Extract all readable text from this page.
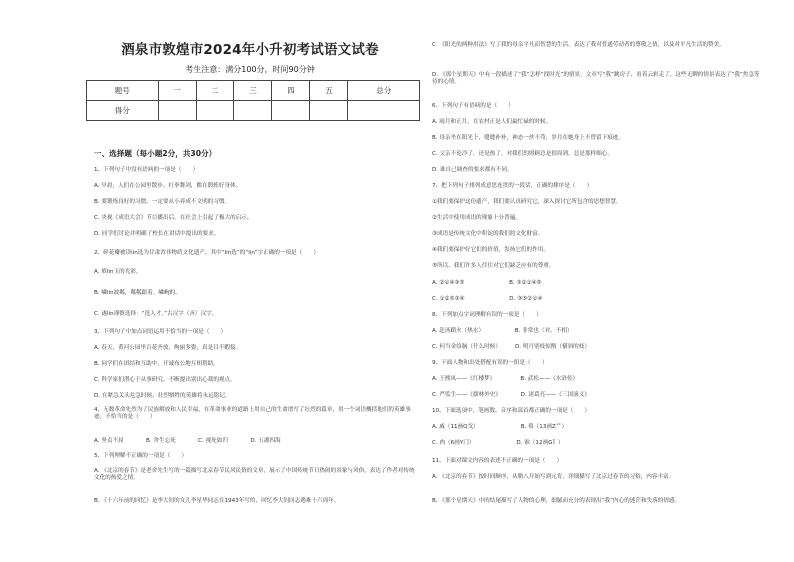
酒泉市敦煌市2024年小升初考试语文试卷
考生注意：满分100分，时间90分钟
题号	一	二	三	四	五	总分
得分						
一、选择题（每小题2分，共30分）
1、下列句子中没有语病的一项是（　　）
A. 早晨，人们在公园里散步、打拳舞剑，都在锻炼好身体。
B. 要锻炼良好的习惯，一定要从小养成不文明的习惯。
C. 央视《成语大会》节目播出后，在社会上引起了极大的启示。
D. 同学们讨论并明确了校长在讲话中提出的要求。
2、碎花瓣被读lin选为甘肃省非物质文化遗产，其中“lin选”的“lin”字正确的一项是（　　）
A. 填lin玉的光彩。
B. 嶙lin波粼，粼粼跟着。嶙峋的。
C. 遂lin谨慎选择：“选人才。”古汉字（吝）汉字。
3、下列句子中加点词语运用不恰当的一项是（　　）
A. 春天，黄河公园里百花齐放，绚丽多姿，真是目不暇接。
B. 同学们在团结和互助中，开诚布公地互相帮助。
C. 科学家们潜心于从事研究，不断提出别出心裁的观点。
D. 在紧急关头危急时候，壮烈牺牲的英雄将永远铭记。
4、无数革命先烈为了民族解放和人民幸福，在革命事业的道路上用自己的生命谱写了壮烈的篇章，用一个词语概括他们的英雄事迹，不恰当的是（　　）
A. 坚贞不屈　　　　B. 舍生忘死　　　　C. 视死如归　　　　D. 五湖四海
5、下列理解不正确的一项是（　　）
A. 《北京的春节》是老舍先生写的一篇描写北京春节民风民俗的文章，展示了中国传统节日热闹的景象与风俗，表达了作者对传统文化的热爱之情。
B. 《十六年前的回忆》是李大钊的女儿李星华同志在1943年写的，回忆李大钊同志遇难十六周年。
C. 《阳光的两种用法》写了我的母亲平凡而智慧的生活，表达了我对普通劳动者的尊敬之情，以及对平凡生活的赞美。
D. 《那个星期天》中有一段描述了“我”怎样“找时光”的情景，文章写“我”跳房子、看着云彩走了，这些无聊的情景表达了“我”焦急等待的心情。
6、下列句子有语病的是（　　）
A. 雨月和正月，在农村正是人们最忙碌的时候。
B. 母亲坐在阳光下，缝缝补补，神态一丝不苟，岁月在她身上不曾留下痕迹。
C. 父亲不论冷了，还是热了，对我们的照顾总是很周到，总是那样细心。
D. 谁自己调查的要求都有不同。
7、把下列句子排列成意思连贯的一段话，正确的排序是（　　）
①我们要保护这份遗产，我们要认真研究它，深入探讨它所包含的思想智慧。
②生活中使用成语的现象十分普遍。
③成语是传统文化中积淀的我们的文化财富。
④我们要保护好它们的价值，发扬它们的作用。
⑤所以，我们许多人往往对它们缺乏应有的尊重。
A. ②①④③⑤　　　　　　　　B. ③②①④⑤
C. ①②⑤③④　　　　　　　　D. ③⑤②①④
8、下列加点字词理解有误的一项是（　　）
A. 赴汤蹈火（热水）　　　　　　B. 非常也（对、不相）
C. 何当金络脑（什么时候）　　　D. 明月别枝惊鹊（横斜的枝）
9、下面人物和出处搭配有误的一组是（　　）
A. 王熙凤——《红楼梦》　　　　　B. 武松——《水浒传》
C. 严监生——《儒林外史》　　　　D. 诸葛亮——《三国演义》
10、下面选项中，笔画数、音序和部首都正确的一项是（　　）
A. 戚（11画Q戈）　　　　　　　　B. 蔡（13画Z艹）
C. 肉（6画Y冂）　　　　　　　　D. 锥（12画G钅）
11、下面对课文内容的表述不正确的一项是（　　）
A. 《北京的春节》按时间顺序，从腊八开始写到元宵，详细描写了北京过春节的习俗，内容丰富。
B. 《那个星期天》中的结尾描写了人物的心理，细腻而充分的表现出“我”内心的迷茫和失落的情感。
